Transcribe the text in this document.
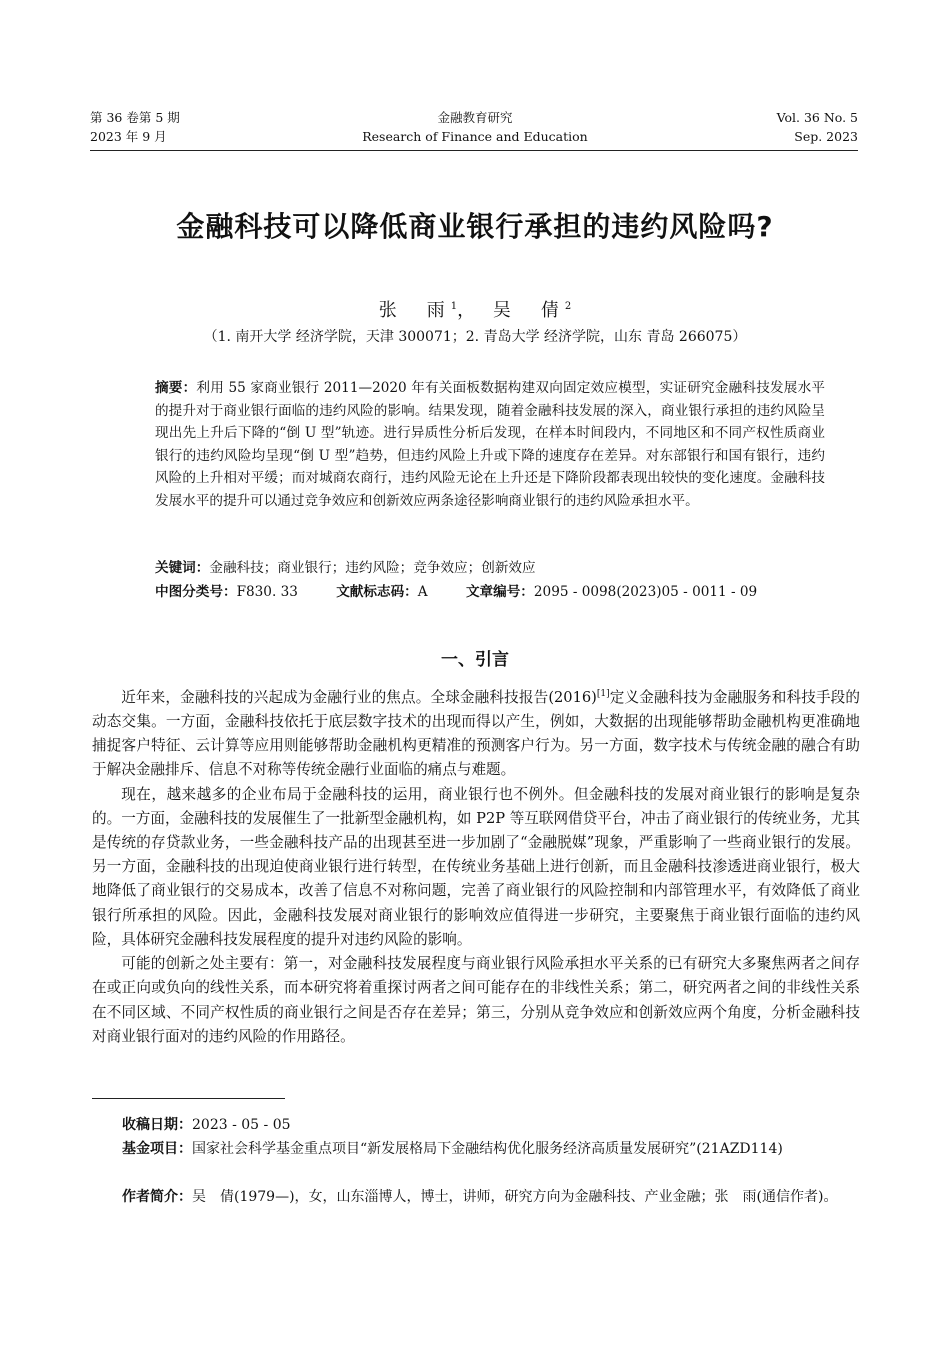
第 36 卷第 5 期
2023 年 9 月
金融教育研究
Research of Finance and Education
Vol. 36 No. 5
Sep. 2023
金融科技可以降低商业银行承担的违约风险吗?
张　雨$^1$， 吴　倩$^2$
（1. 南开大学 经济学院，天津 300071；2. 青岛大学 经济学院，山东 青岛 266075）
摘要：利用 55 家商业银行 2011—2020 年有关面板数据构建双向固定效应模型，实证研究金融科技发展水平的提升对于商业银行面临的违约风险的影响。结果发现，随着金融科技发展的深入，商业银行承担的违约风险呈现出先上升后下降的“倒 U 型”轨迹。进行异质性分析后发现，在样本时间段内，不同地区和不同产权性质商业银行的违约风险均呈现“倒 U 型”趋势，但违约风险上升或下降的速度存在差异。对东部银行和国有银行，违约风险的上升相对平缓；而对城商农商行，违约风险无论在上升还是下降阶段都表现出较快的变化速度。金融科技发展水平的提升可以通过竞争效应和创新效应两条途径影响商业银行的违约风险承担水平。
关键词：金融科技；商业银行；违约风险；竞争效应；创新效应
中图分类号：F830. 33	文献标志码：A	文章编号：2095 - 0098(2023)05 - 0011 - 09
一、引言

近年来，金融科技的兴起成为金融行业的焦点。全球金融科技报告(2016)[1]定义金融科技为金融服务和科技手段的动态交集。一方面，金融科技依托于底层数字技术的出现而得以产生，例如，大数据的出现能够帮助金融机构更准确地捕捉客户特征、云计算等应用则能够帮助金融机构更精准的预测客户行为。另一方面，数字技术与传统金融的融合有助于解决金融排斥、信息不对称等传统金融行业面临的痛点与难题。

现在，越来越多的企业布局于金融科技的运用，商业银行也不例外。但金融科技的发展对商业银行的影响是复杂的。一方面，金融科技的发展催生了一批新型金融机构，如 P2P 等互联网借贷平台，冲击了商业银行的传统业务，尤其是传统的存贷款业务，一些金融科技产品的出现甚至进一步加剧了“金融脱媒”现象，严重影响了一些商业银行的发展。另一方面，金融科技的出现迫使商业银行进行转型，在传统业务基础上进行创新，而且金融科技渗透进商业银行，极大地降低了商业银行的交易成本，改善了信息不对称问题，完善了商业银行的风险控制和内部管理水平，有效降低了商业银行所承担的风险。因此，金融科技发展对商业银行的影响效应值得进一步研究，主要聚焦于商业银行面临的违约风险，具体研究金融科技发展程度的提升对违约风险的影响。

可能的创新之处主要有：第一，对金融科技发展程度与商业银行风险承担水平关系的已有研究大多聚焦两者之间存在或正向或负向的线性关系，而本研究将着重探讨两者之间可能存在的非线性关系；第二，研究两者之间的非线性关系在不同区域、不同产权性质的商业银行之间是否存在差异；第三，分别从竞争效应和创新效应两个角度，分析金融科技对商业银行面对的违约风险的作用路径。

收稿日期： 2023 - 05 - 05
基金项目： 国家社会科学基金重点项目“新发展格局下金融结构优化服务经济高质量发展研究”(21AZD114)
作者简介： 吴　倩(1979—)，女，山东淄博人，博士，讲师，研究方向为金融科技、产业金融；张　雨(通信作者)。
